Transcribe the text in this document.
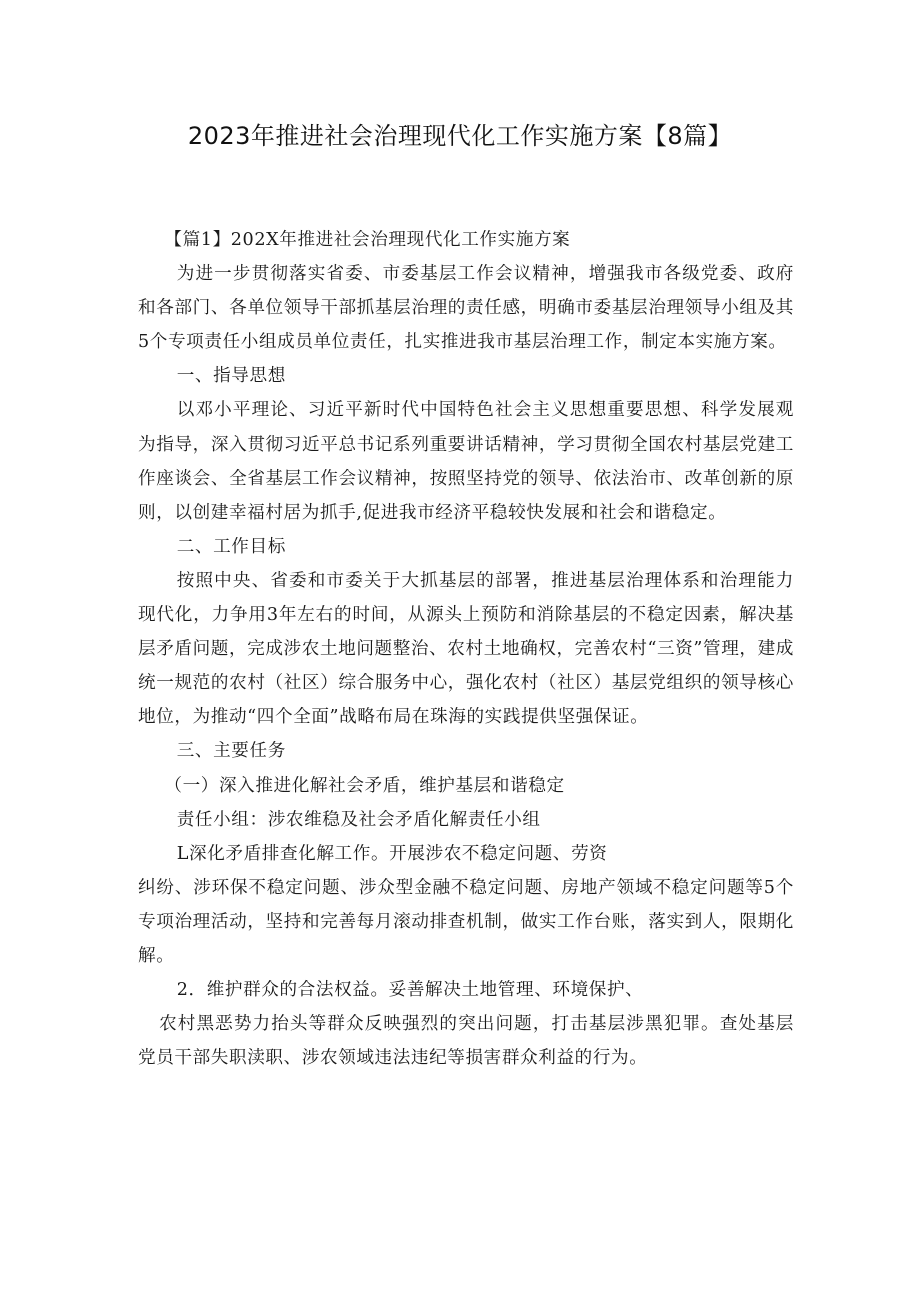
2023年推进社会治理现代化工作实施方案【8篇】

【篇1】202X年推进社会治理现代化工作实施方案

为进一步贯彻落实省委、市委基层工作会议精神，增强我市各级党委、政府和各部门、各单位领导干部抓基层治理的责任感，明确市委基层治理领导小组及其5个专项责任小组成员单位责任，扎实推进我市基层治理工作，制定本实施方案。

一、指导思想

以邓小平理论、习近平新时代中国特色社会主义思想重要思想、科学发展观为指导，深入贯彻习近平总书记系列重要讲话精神，学习贯彻全国农村基层党建工作座谈会、全省基层工作会议精神，按照坚持党的领导、依法治市、改革创新的原则，以创建幸福村居为抓手,促进我市经济平稳较快发展和社会和谐稳定。

二、工作目标

按照中央、省委和市委关于大抓基层的部署，推进基层治理体系和治理能力现代化，力争用3年左右的时间，从源头上预防和消除基层的不稳定因素，解决基层矛盾问题，完成涉农土地问题整治、农村土地确权，完善农村“三资”管理，建成统一规范的农村（社区）综合服务中心，强化农村（社区）基层党组织的领导核心地位，为推动“四个全面”战略布局在珠海的实践提供坚强保证。

三、主要任务

（一）深入推进化解社会矛盾，维护基层和谐稳定

责任小组：涉农维稳及社会矛盾化解责任小组

L深化矛盾排查化解工作。开展涉农不稳定问题、劳资

纠纷、涉环保不稳定问题、涉众型金融不稳定问题、房地产领域不稳定问题等5个专项治理活动，坚持和完善每月滚动排查机制，做实工作台账，落实到人，限期化解。

2．维护群众的合法权益。妥善解决土地管理、环境保护、

农村黑恶势力抬头等群众反映强烈的突出问题，打击基层涉黑犯罪。查处基层党员干部失职渎职、涉农领域违法违纪等损害群众利益的行为。
